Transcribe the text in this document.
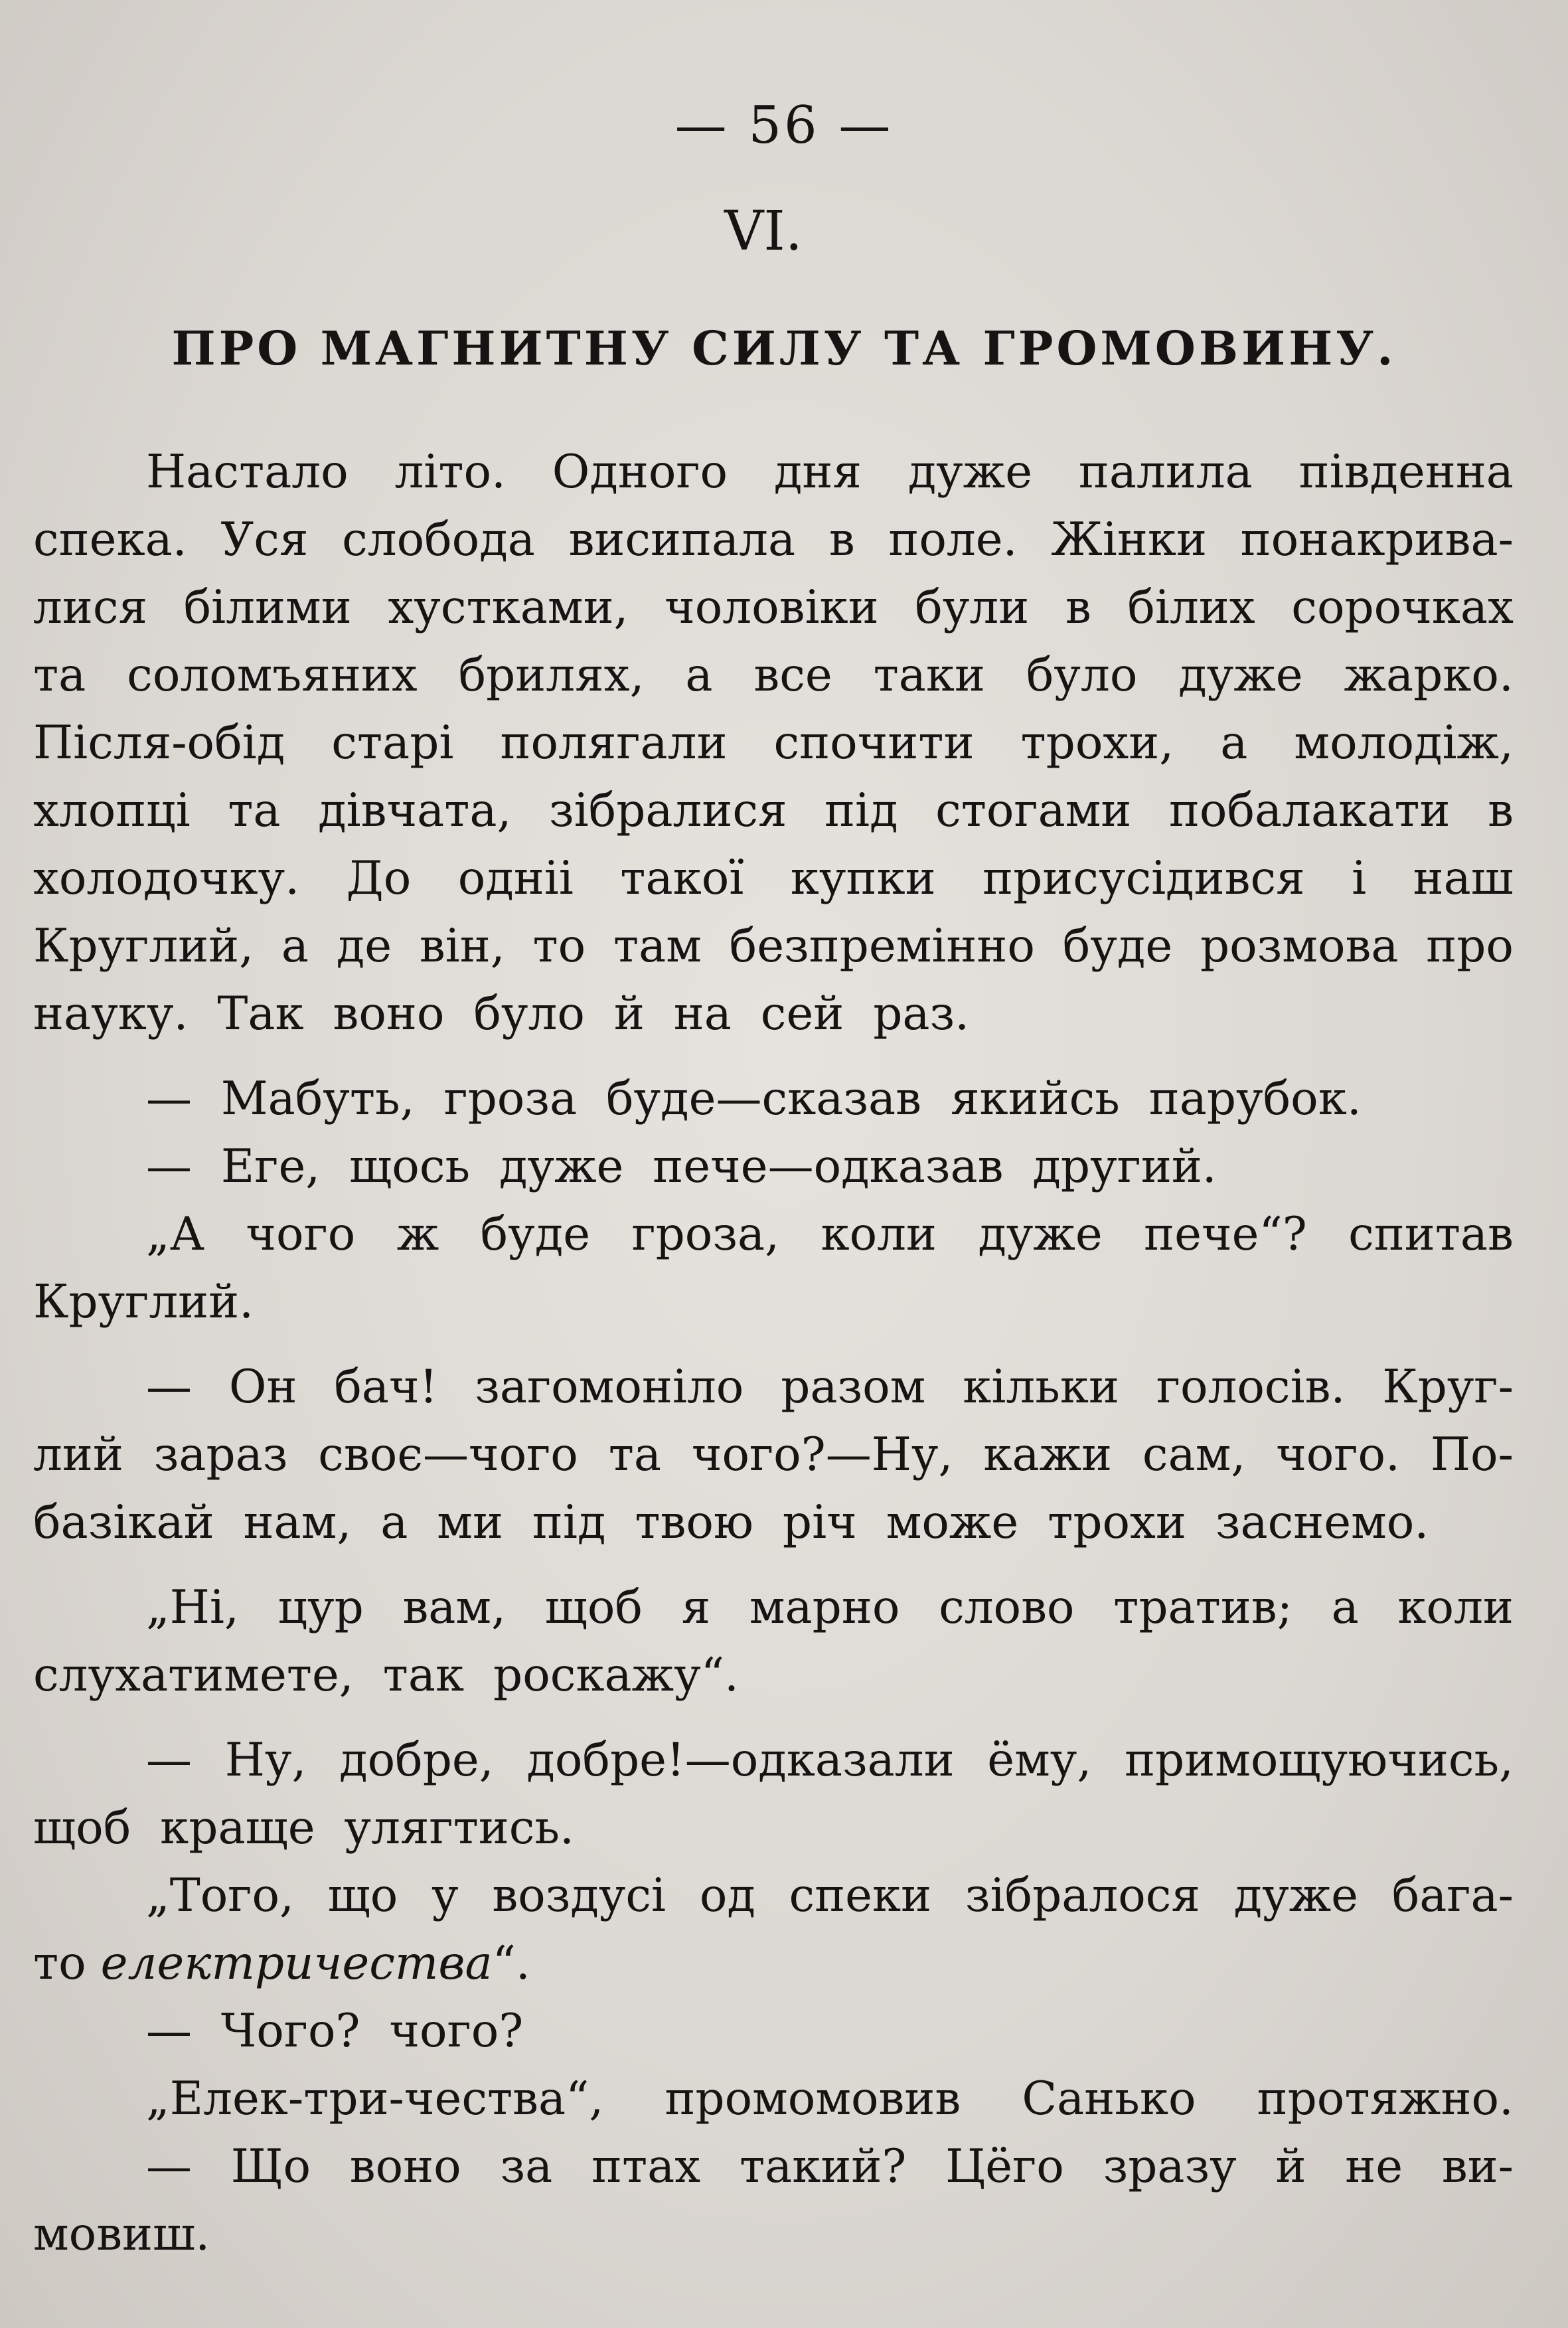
— 56 —
VI.
ПРО МАГНИТНУ СИЛУ ТА ГРОМОВИНУ.
Настало літо. Одного дня дуже палила південна
спека. Уся слобода висипала в поле. Жінки понакрива-
лися білими хустками, чоловіки були в білих сорочках
та соломъяних брилях, а все таки було дуже жарко.
Після-обід старі полягали спочити трохи, а молодіж,
хлопці та дівчата, зібралися під стогами побалакати в
холодочку. До одніі такої купки присусідився і наш
Круглий, а де він, то там безпремінно буде розмова про
науку. Так воно було й на сей раз.
— Мабуть, гроза буде—сказав якийсь парубок.
— Еге, щось дуже пече—одказав другий.
„А чого ж буде гроза, коли дуже пече“? спитав
Круглий.
— Он бач! загомоніло разом кільки голосів. Круг-
лий зараз своє—чого та чого?—Ну, кажи сам, чого. По-
базікай нам, а ми під твою річ може трохи заснемо.
„Ні, цур вам, щоб я марно слово тратив; а коли
слухатимете, так роскажу“.
— Ну, добре, добре!—одказали ёму, примощуючись,
щоб краще улягтись.
„Того, що у воздусі од спеки зібралося дуже бага-
то електричества “.
— Чого? чого?
„Елек-три-чества“, промомовив Санько протяжно.
— Що воно за птах такий? Цёго зразу й не ви-
мовиш.
